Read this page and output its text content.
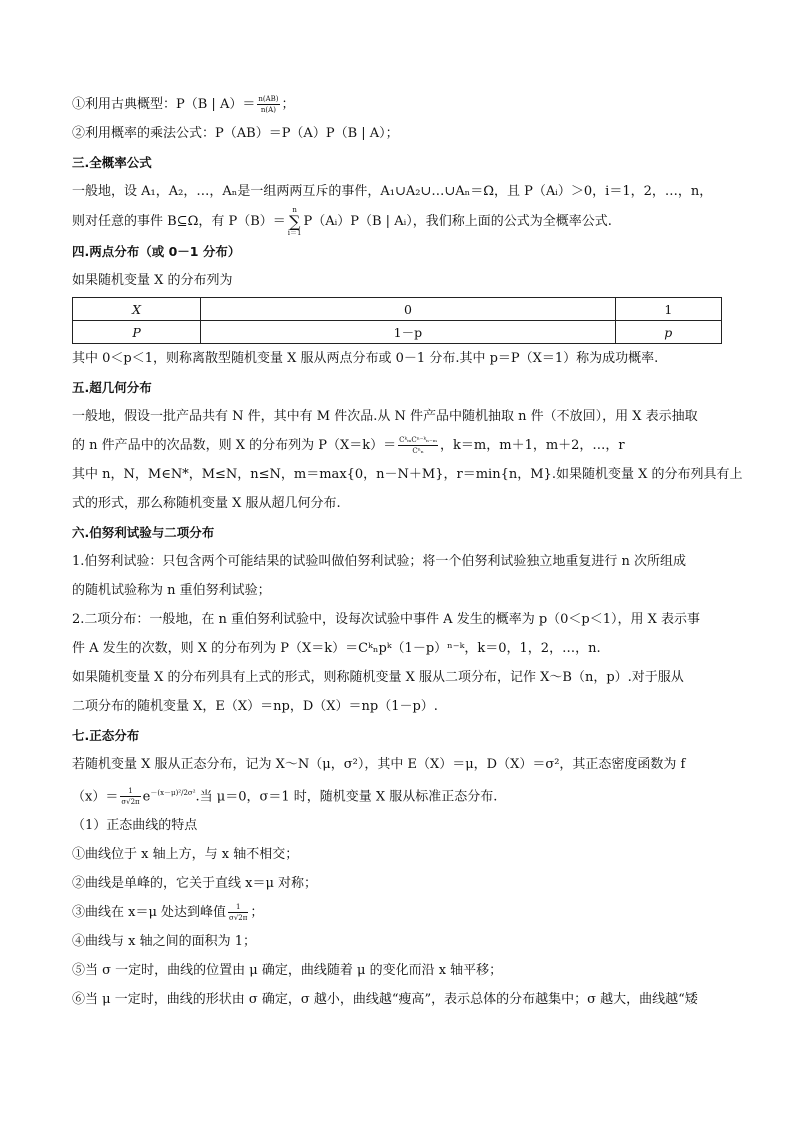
①利用古典概型：P（B | $A)= \frac{n(AB)}{n(A)}$ ；
②利用概率的乘法公式：P（AB）＝P（A）P（B | A）；
三.全概率公式
一般地，设 A₁，A₂，…，Aₙ是一组两两互斥的事件，A₁∪A₂∪…∪Aₙ＝Ω，且 P（Aᵢ）＞0，i＝1，2，…，n，
则对任意的事件 B⊆Ω，有 P（B）＝n
∑
i＝1P（Aᵢ）P（B | Aᵢ），我们称上面的公式为全概率公式.
四.两点分布（或 0－1 分布）
如果随机变量 X 的分布列为
X	0	1
P	1－p	p
其中 0＜p＜1，则称离散型随机变量 X 服从两点分布或 0－1 分布.其中 p＝P（X＝1）称为成功概率.
五.超几何分布
一般地，假设一批产品共有 N 件，其中有 M 件次品.从 N 件产品中随机抽取 n 件（不放回），用 X 表示抽取
的 n 件产品中的次品数，则 X 的分布列为 $P(X=k)= \frac{\text{CᵏₘCⁿ⁻ᵏₙ₋ₘ}}{\text{Cⁿₙ}}$ ，k＝m，m＋1，m＋2，…，r
其中 n，N，M∈N*，M≤N，n≤N，m＝max{0，n－N＋M}，r＝min{n，M}.如果随机变量 X 的分布列具有上
式的形式，那么称随机变量 X 服从超几何分布.
六.伯努利试验与二项分布
1.伯努利试验：只包含两个可能结果的试验叫做伯努利试验；将一个伯努利试验独立地重复进行 n 次所组成
的随机试验称为 n 重伯努利试验；
2.二项分布：一般地，在 n 重伯努利试验中，设每次试验中事件 A 发生的概率为 p（0＜p＜1），用 X 表示事
件 A 发生的次数，则 X 的分布列为 P（X＝k）＝Cᵏₙpᵏ（1－p）ⁿ⁻ᵏ，k＝0，1，2，…，n.
如果随机变量 X 的分布列具有上式的形式，则称随机变量 X 服从二项分布，记作 X～B（n，p）.对于服从
二项分布的随机变量 X，E（X）＝np，D（X）＝np（1－p）.
七.正态分布
若随机变量 X 服从正态分布，记为 X～N（μ，σ²），其中 E（X）＝μ，D（X）＝σ²，其正态密度函数为 f
$(x)= \frac{1}{\sigma√2\pi} e^{-(x-\mu)^2/2\sigma^2}$.当 μ＝0，σ＝1 时，随机变量 X 服从标准正态分布.
（1）正态曲线的特点
①曲线位于 x 轴上方，与 x 轴不相交；
②曲线是单峰的，它关于直线 x＝μ 对称；
③曲线在 x＝μ 处达到峰值 $\frac{1}{\sigma√2\pi}$ ；
④曲线与 x 轴之间的面积为 1；
⑤当 σ 一定时，曲线的位置由 μ 确定，曲线随着 μ 的变化而沿 x 轴平移；
⑥当 μ 一定时，曲线的形状由 σ 确定，σ 越小，曲线越“瘦高”，表示总体的分布越集中；σ 越大，曲线越“矮
